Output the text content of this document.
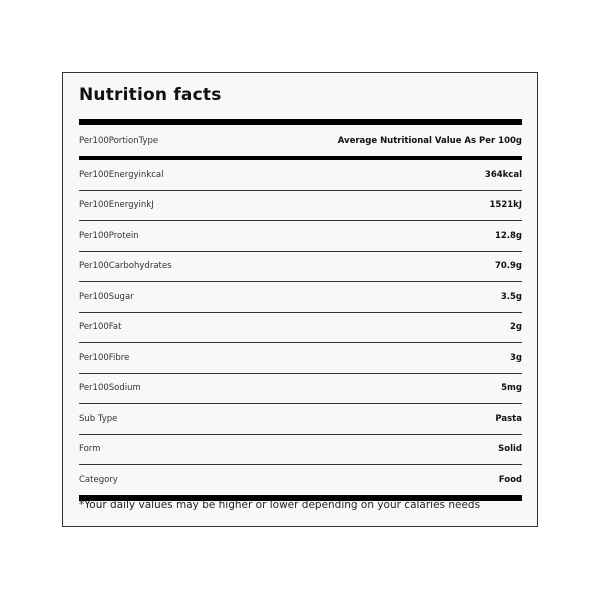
Nutrition facts
Per100PortionType	Average Nutritional Value As Per 100g
Per100Energyinkcal	364kcal
Per100EnergyinkJ	1521kJ
Per100Protein	12.8g
Per100Carbohydrates	70.9g
Per100Sugar	3.5g
Per100Fat	2g
Per100Fibre	3g
Per100Sodium	5mg
Sub Type	Pasta
Form	Solid
Category	Food
*Your daily values may be higher or lower depending on your calaries needs
